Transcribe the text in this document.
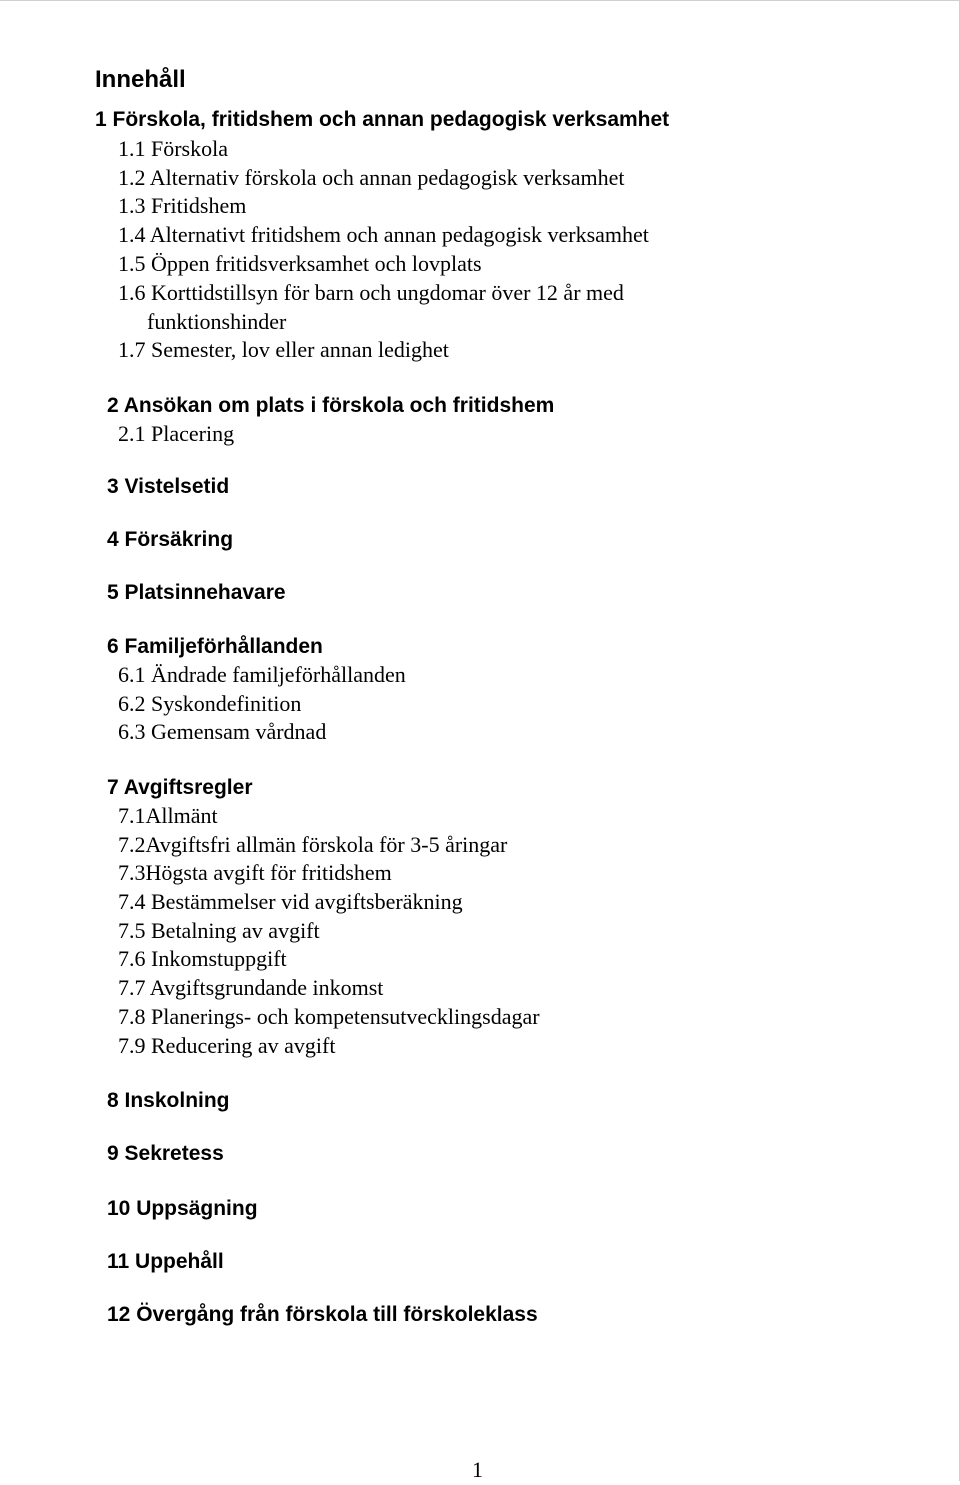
Innehåll
1 Förskola, fritidshem och annan pedagogisk verksamhet
1.1 Förskola
1.2 Alternativ förskola och annan pedagogisk verksamhet
1.3 Fritidshem
1.4 Alternativt fritidshem och annan pedagogisk verksamhet
1.5 Öppen fritidsverksamhet och lovplats
1.6 Korttidstillsyn för barn och ungdomar över 12 år med
funktionshinder
1.7 Semester, lov eller annan ledighet
2 Ansökan om plats i förskola och fritidshem
2.1 Placering
3 Vistelsetid
4 Försäkring
5 Platsinnehavare
6 Familjeförhållanden
6.1 Ändrade familjeförhållanden
6.2 Syskondefinition
6.3 Gemensam vårdnad
7 Avgiftsregler
7.1Allmänt
7.2Avgiftsfri allmän förskola för 3-5 åringar
7.3Högsta avgift för fritidshem
7.4 Bestämmelser vid avgiftsberäkning
7.5 Betalning av avgift
7.6 Inkomstuppgift
7.7 Avgiftsgrundande inkomst
7.8 Planerings- och kompetensutvecklingsdagar
7.9 Reducering av avgift
8 Inskolning
9 Sekretess
10 Uppsägning
11 Uppehåll
12 Övergång från förskola till förskoleklass
1
